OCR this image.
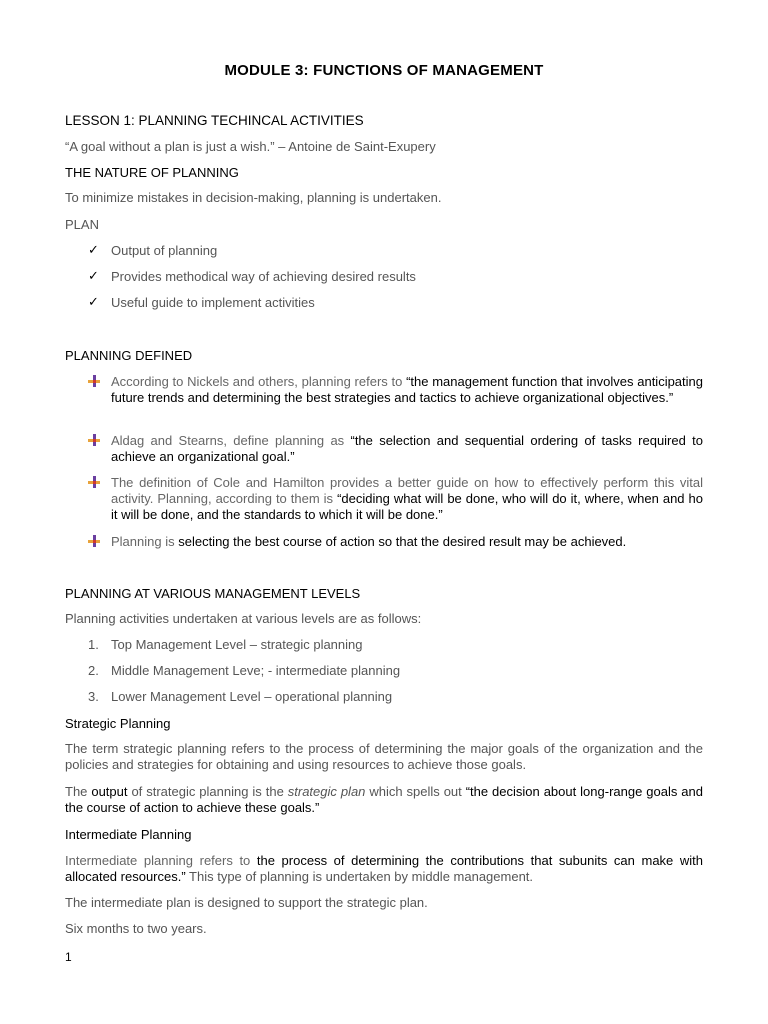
MODULE 3: FUNCTIONS OF MANAGEMENT
LESSON 1: PLANNING TECHINCAL ACTIVITIES
“A goal without a plan is just a wish.” – Antoine de Saint-Exupery
THE NATURE OF PLANNING
To minimize mistakes in decision-making, planning is undertaken.
PLAN
✓ Output of planning
✓ Provides methodical way of achieving desired results
✓ Useful guide to implement activities
PLANNING DEFINED
According to Nickels and others, planning refers to “the management function that involves anticipating future trends and determining the best strategies and tactics to achieve organizational objectives.”
Aldag and Stearns, define planning as “the selection and sequential ordering of tasks required to achieve an organizational goal.”
The definition of Cole and Hamilton provides a better guide on how to effectively perform this vital activity. Planning, according to them is “deciding what will be done, who will do it, where, when and ho it will be done, and the standards to which it will be done.”
Planning is selecting the best course of action so that the desired result may be achieved.
PLANNING AT VARIOUS MANAGEMENT LEVELS
Planning activities undertaken at various levels are as follows:
1. Top Management Level – strategic planning
2. Middle Management Leve; - intermediate planning
3. Lower Management Level – operational planning
Strategic Planning
The term strategic planning refers to the process of determining the major goals of the organization and the policies and strategies for obtaining and using resources to achieve those goals.
The output of strategic planning is the strategic plan which spells out “the decision about long-range goals and the course of action to achieve these goals.”
Intermediate Planning
Intermediate planning refers to the process of determining the contributions that subunits can make with allocated resources.” This type of planning is undertaken by middle management.
The intermediate plan is designed to support the strategic plan.
Six months to two years.
1
